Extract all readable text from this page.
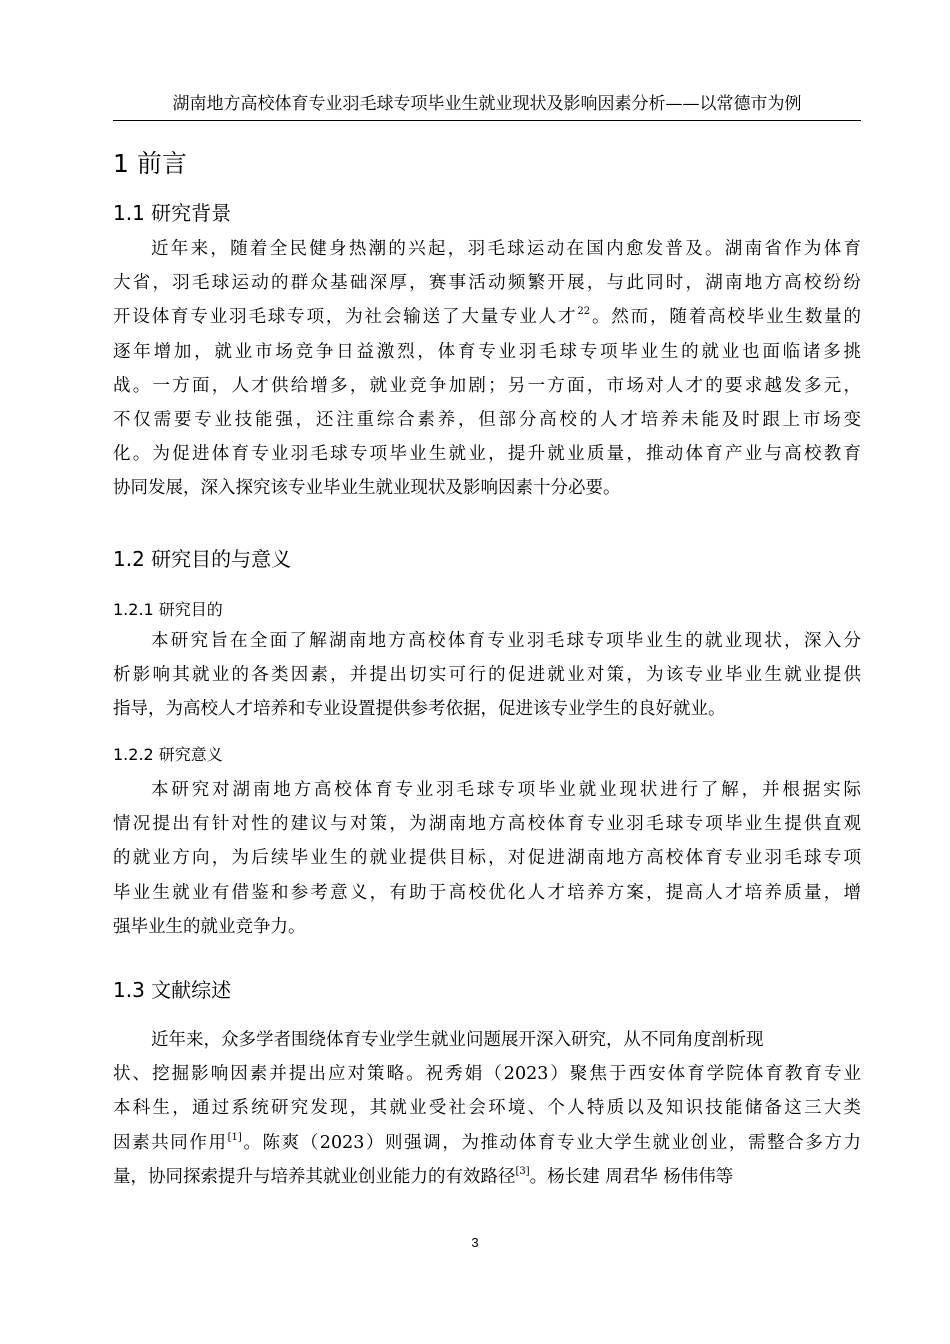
湖南地方高校体育专业羽毛球专项毕业生就业现状及影响因素分析——以常德市为例
1 前言
1.1 研究背景
近年来，随着全民健身热潮的兴起，羽毛球运动在国内愈发普及。湖南省作为体育
大省，羽毛球运动的群众基础深厚，赛事活动频繁开展，与此同时，湖南地方高校纷纷
开设体育专业羽毛球专项，为社会输送了大量专业人才$^{22}$。然而，随着高校毕业生数量的
逐年增加，就业市场竞争日益激烈，体育专业羽毛球专项毕业生的就业也面临诸多挑
战。一方面，人才供给增多，就业竞争加剧；另一方面，市场对人才的要求越发多元，
不仅需要专业技能强，还注重综合素养，但部分高校的人才培养未能及时跟上市场变
化。为促进体育专业羽毛球专项毕业生就业，提升就业质量，推动体育产业与高校教育
协同发展，深入探究该专业毕业生就业现状及影响因素十分必要。
1.2 研究目的与意义
1.2.1 研究目的
本研究旨在全面了解湖南地方高校体育专业羽毛球专项毕业生的就业现状，深入分
析影响其就业的各类因素，并提出切实可行的促进就业对策，为该专业毕业生就业提供
指导，为高校人才培养和专业设置提供参考依据，促进该专业学生的良好就业。
1.2.2 研究意义
本研究对湖南地方高校体育专业羽毛球专项毕业就业现状进行了解，并根据实际
情况提出有针对性的建议与对策，为湖南地方高校体育专业羽毛球专项毕业生提供直观
的就业方向，为后续毕业生的就业提供目标，对促进湖南地方高校体育专业羽毛球专项
毕业生就业有借鉴和参考意义，有助于高校优化人才培养方案，提高人才培养质量，增
强毕业生的就业竞争力。
1.3 文献综述
近年来，众多学者围绕体育专业学生就业问题展开深入研究，从不同角度剖析现
状、挖掘影响因素并提出应对策略。祝秀娟（2023）聚焦于西安体育学院体育教育专业
本科生，通过系统研究发现，其就业受社会环境、个人特质以及知识技能储备这三大类
因素共同作用[1]。陈爽（2023）则强调，为推动体育专业大学生就业创业，需整合多方力
量，协同探索提升与培养其就业创业能力的有效路径[3]。杨长建 周君华 杨伟伟等
3
